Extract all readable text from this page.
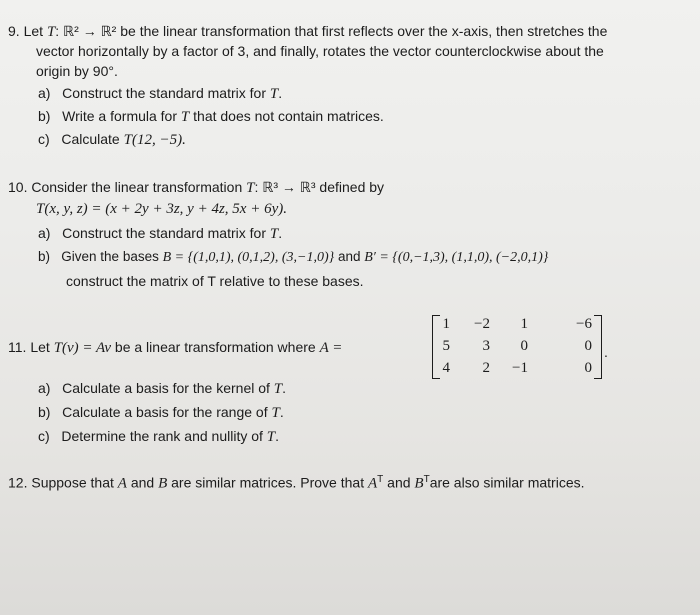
9. Let T: ℝ² → ℝ² be the linear transformation that first reflects over the x-axis, then stretches the
vector horizontally by a factor of 3, and finally, rotates the vector counterclockwise about the
origin by 90°.
a) Construct the standard matrix for T.
b) Write a formula for T that does not contain matrices.
c) Calculate T(12, −5).
10. Consider the linear transformation T: ℝ³ → ℝ³ defined by
T(x, y, z) = (x + 2y + 3z, y + 4z, 5x + 6y).
a) Construct the standard matrix for T.
b) Given the bases B = {(1,0,1), (0,1,2), (3,−1,0)} and B′ = {(0,−1,3), (1,1,0), (−2,0,1)}
construct the matrix of T relative to these bases.
11. Let T(v) = Av be a linear transformation where A =
1	−2	1	−6
5	3	0	0
4	2	−1	0
.
a) Calculate a basis for the kernel of T.
b) Calculate a basis for the range of T.
c) Determine the rank and nullity of T.
12. Suppose that A and B are similar matrices. Prove that $A^T$ and $B^Tare$ also similar matrices.
